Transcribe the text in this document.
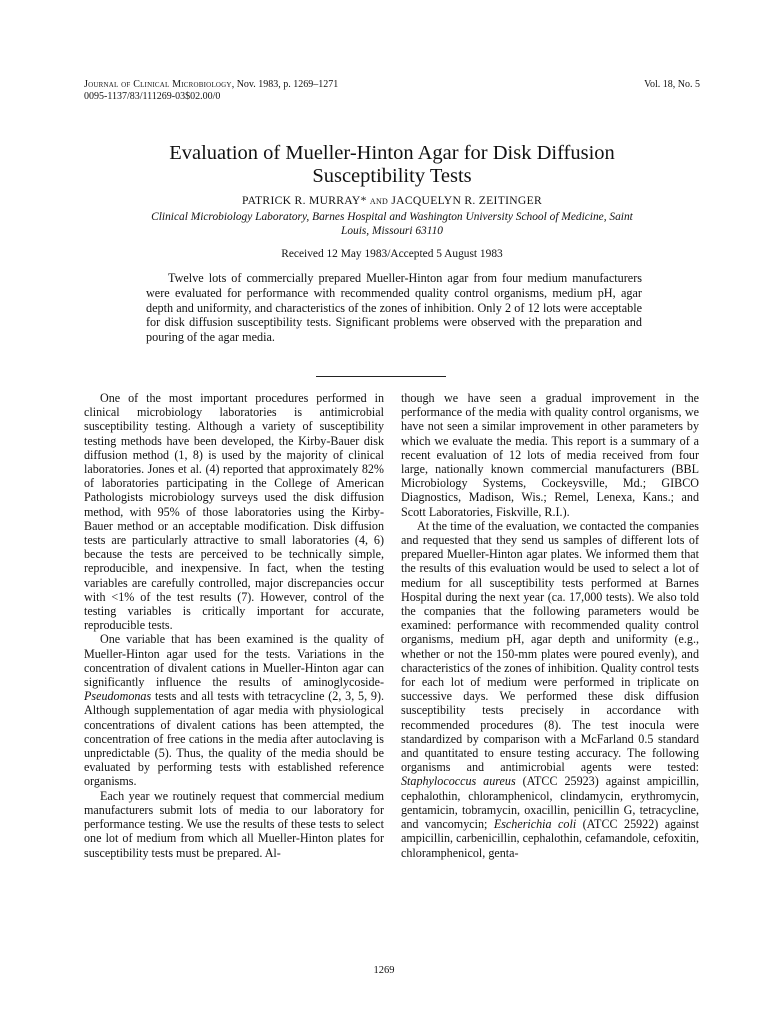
Journal of Clinical Microbiology, Nov. 1983, p. 1269–1271
0095-1137/83/111269-03$02.00/0
Vol. 18, No. 5
Evaluation of Mueller-Hinton Agar for Disk Diffusion
Susceptibility Tests
PATRICK R. MURRAY* and JACQUELYN R. ZEITINGER
Clinical Microbiology Laboratory, Barnes Hospital and Washington University School of Medicine, Saint
Louis, Missouri 63110
Received 12 May 1983/Accepted 5 August 1983
Twelve lots of commercially prepared Mueller-Hinton agar from four medium manufacturers were evaluated for performance with recommended quality control organisms, medium pH, agar depth and uniformity, and characteristics of the zones of inhibition. Only 2 of 12 lots were acceptable for disk diffusion susceptibility tests. Significant problems were observed with the preparation and pouring of the agar media.

One of the most important procedures performed in clinical microbiology laboratories is antimicrobial susceptibility testing. Although a variety of susceptibility testing methods have been developed, the Kirby-Bauer disk diffusion method (1, 8) is used by the majority of clinical laboratories. Jones et al. (4) reported that approximately 82% of laboratories participating in the College of American Pathologists microbiology surveys used the disk diffusion method, with 95% of those laboratories using the Kirby-Bauer method or an acceptable modification. Disk diffusion tests are particularly attractive to small laboratories (4, 6) because the tests are perceived to be technically simple, reproducible, and inexpensive. In fact, when the testing variables are carefully controlled, major discrepancies occur with <1% of the test results (7). However, control of the testing variables is critically important for accurate, reproducible tests.

One variable that has been examined is the quality of Mueller-Hinton agar used for the tests. Variations in the concentration of divalent cations in Mueller-Hinton agar can significantly influence the results of aminoglycoside-Pseudomonas tests and all tests with tetracycline (2, 3, 5, 9). Although supplementation of agar media with physiological concentrations of divalent cations has been attempted, the concentration of free cations in the media after autoclaving is unpredictable (5). Thus, the quality of the media should be evaluated by performing tests with established reference organisms.

Each year we routinely request that commercial medium manufacturers submit lots of media to our laboratory for performance testing. We use the results of these tests to select one lot of medium from which all Mueller-Hinton plates for susceptibility tests must be prepared. Al-

though we have seen a gradual improvement in the performance of the media with quality control organisms, we have not seen a similar improvement in other parameters by which we evaluate the media. This report is a summary of a recent evaluation of 12 lots of media received from four large, nationally known commercial manufacturers (BBL Microbiology Systems, Cockeysville, Md.; GIBCO Diagnostics, Madison, Wis.; Remel, Lenexa, Kans.; and Scott Laboratories, Fiskville, R.I.).

At the time of the evaluation, we contacted the companies and requested that they send us samples of different lots of prepared Mueller-Hinton agar plates. We informed them that the results of this evaluation would be used to select a lot of medium for all susceptibility tests performed at Barnes Hospital during the next year (ca. 17,000 tests). We also told the companies that the following parameters would be examined: performance with recommended quality control organisms, medium pH, agar depth and uniformity (e.g., whether or not the 150-mm plates were poured evenly), and characteristics of the zones of inhibition. Quality control tests for each lot of medium were performed in triplicate on successive days. We performed these disk diffusion susceptibility tests precisely in accordance with recommended procedures (8). The test inocula were standardized by comparison with a McFarland 0.5 standard and quantitated to ensure testing accuracy. The following organisms and antimicrobial agents were tested: Staphylococcus aureus (ATCC 25923) against ampicillin, cephalothin, chloramphenicol, clindamycin, erythromycin, gentamicin, tobramycin, oxacillin, penicillin G, tetracycline, and vancomycin; Escherichia coli (ATCC 25922) against ampicillin, carbenicillin, cephalothin, cefamandole, cefoxitin, chloramphenicol, genta-

1269
